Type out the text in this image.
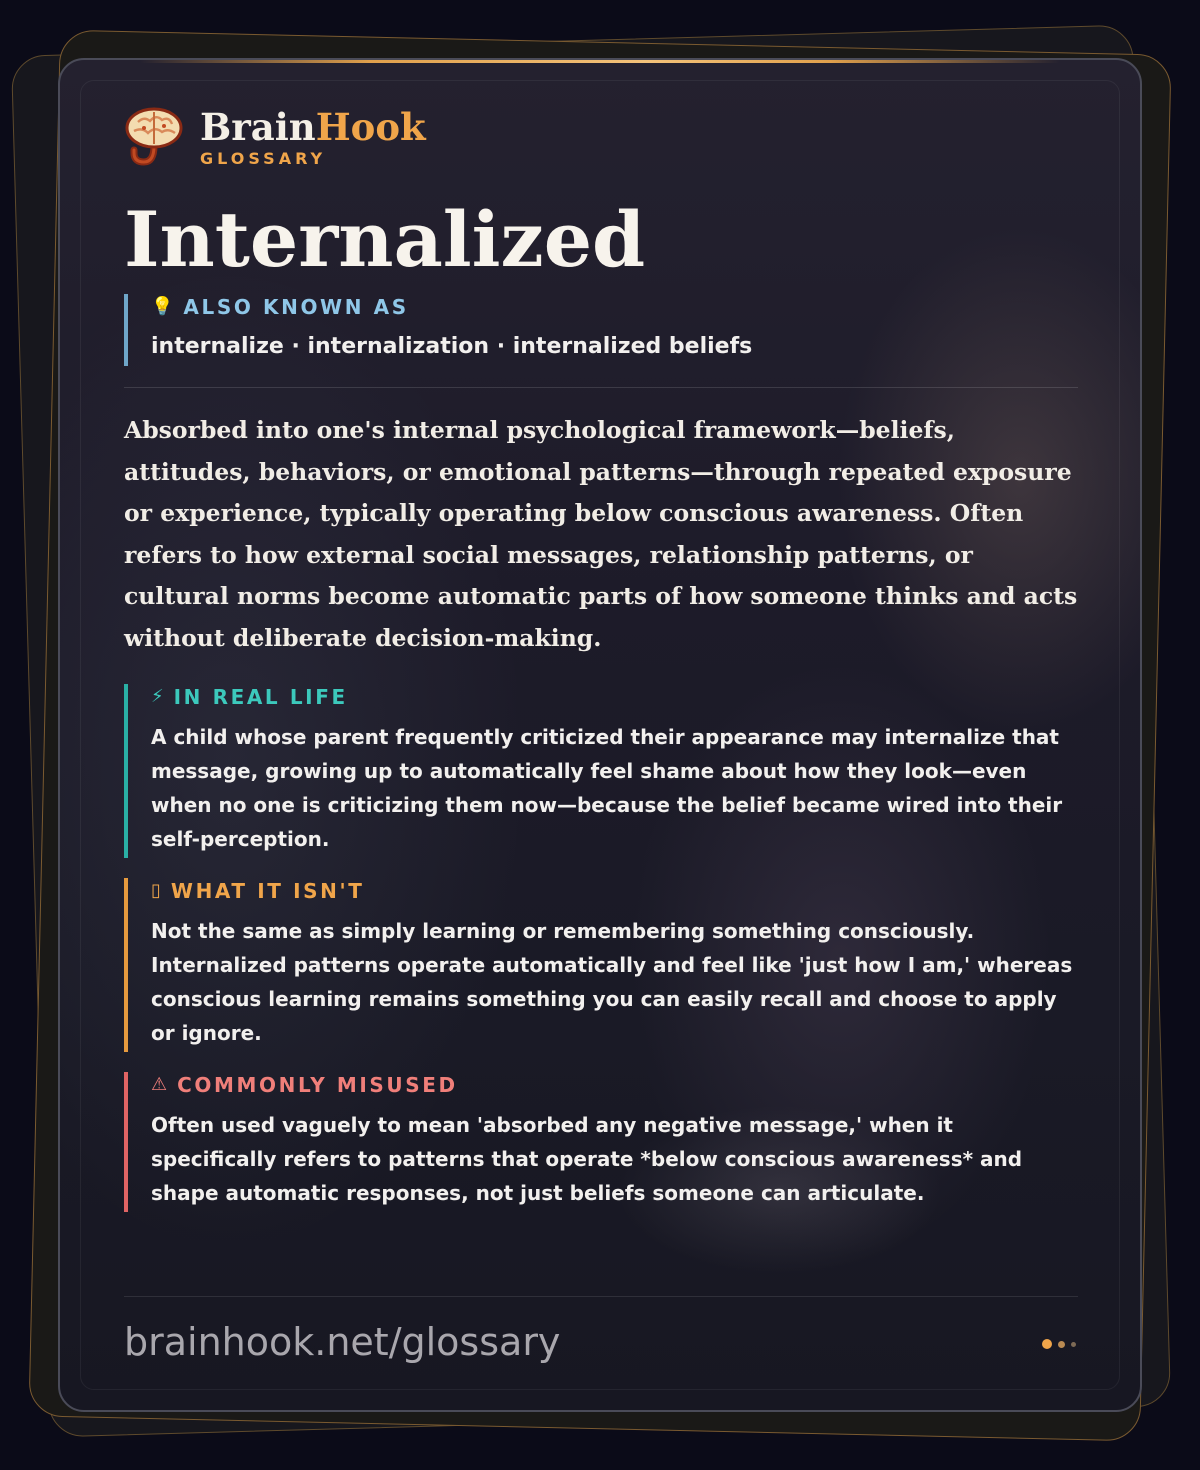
BrainHook
GLOSSARY
Internalized
💡 ALSO KNOWN AS
internalize · internalization · internalized beliefs

Absorbed into one's internal psychological framework—beliefs, attitudes, behaviors, or emotional patterns—through repeated exposure or experience, typically operating below conscious awareness. Often refers to how external social messages, relationship patterns, or cultural norms become automatic parts of how someone thinks and acts without deliberate decision-making.

⚡ IN REAL LIFE
A child whose parent frequently criticized their appearance may internalize that message, growing up to automatically feel shame about how they look—even when no one is criticizing them now—because the belief became wired into their self-perception.
▯ WHAT IT ISN'T
Not the same as simply learning or remembering something consciously. Internalized patterns operate automatically and feel like 'just how I am,' whereas conscious learning remains something you can easily recall and choose to apply or ignore.
⚠ COMMONLY MISUSED
Often used vaguely to mean 'absorbed any negative message,' when it specifically refers to patterns that operate *below conscious awareness* and shape automatic responses, not just beliefs someone can articulate.
brainhook.net/glossary
